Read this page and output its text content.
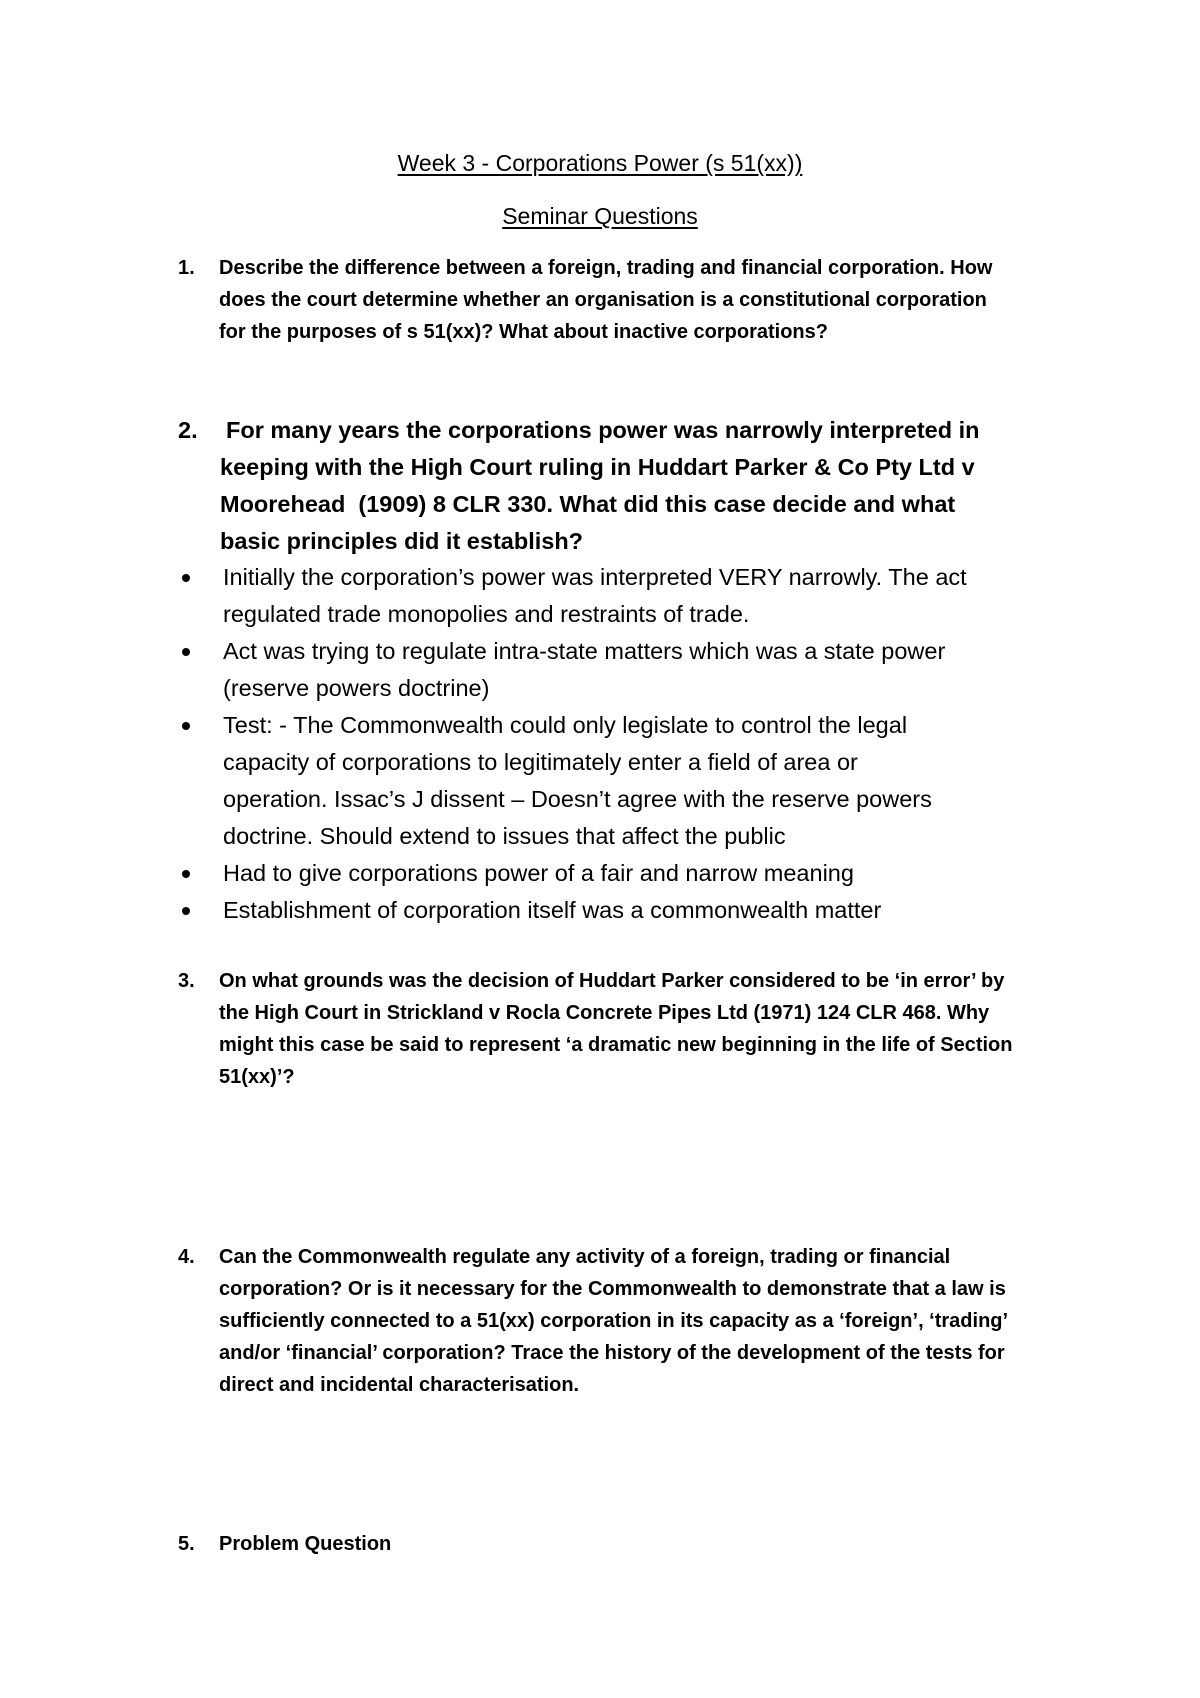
Week 3 - Corporations Power (s 51(xx))
Seminar Questions
1. Describe the difference between a foreign, trading and financial corporation. How
does the court determine whether an organisation is a constitutional corporation
for the purposes of s 51(xx)? What about inactive corporations?
2. For many years the corporations power was narrowly interpreted in
keeping with the High Court ruling in Huddart Parker & Co Pty Ltd v
Moorehead  (1909) 8 CLR 330. What did this case decide and what
basic principles did it establish?
Initially the corporation’s power was interpreted VERY narrowly. The act
regulated trade monopolies and restraints of trade.
Act was trying to regulate intra-state matters which was a state power
(reserve powers doctrine)
Test: - The Commonwealth could only legislate to control the legal
capacity of corporations to legitimately enter a field of area or
operation. Issac’s J dissent – Doesn’t agree with the reserve powers
doctrine. Should extend to issues that affect the public
Had to give corporations power of a fair and narrow meaning
Establishment of corporation itself was a commonwealth matter
3. On what grounds was the decision of Huddart Parker considered to be ‘in error’ by
the High Court in Strickland v Rocla Concrete Pipes Ltd (1971) 124 CLR 468. Why
might this case be said to represent ‘a dramatic new beginning in the life of Section
51(xx)’?
4. Can the Commonwealth regulate any activity of a foreign, trading or financial
corporation? Or is it necessary for the Commonwealth to demonstrate that a law is
sufficiently connected to a 51(xx) corporation in its capacity as a ‘foreign’, ‘trading’
and/or ‘financial’ corporation? Trace the history of the development of the tests for
direct and incidental characterisation.
5. Problem Question
